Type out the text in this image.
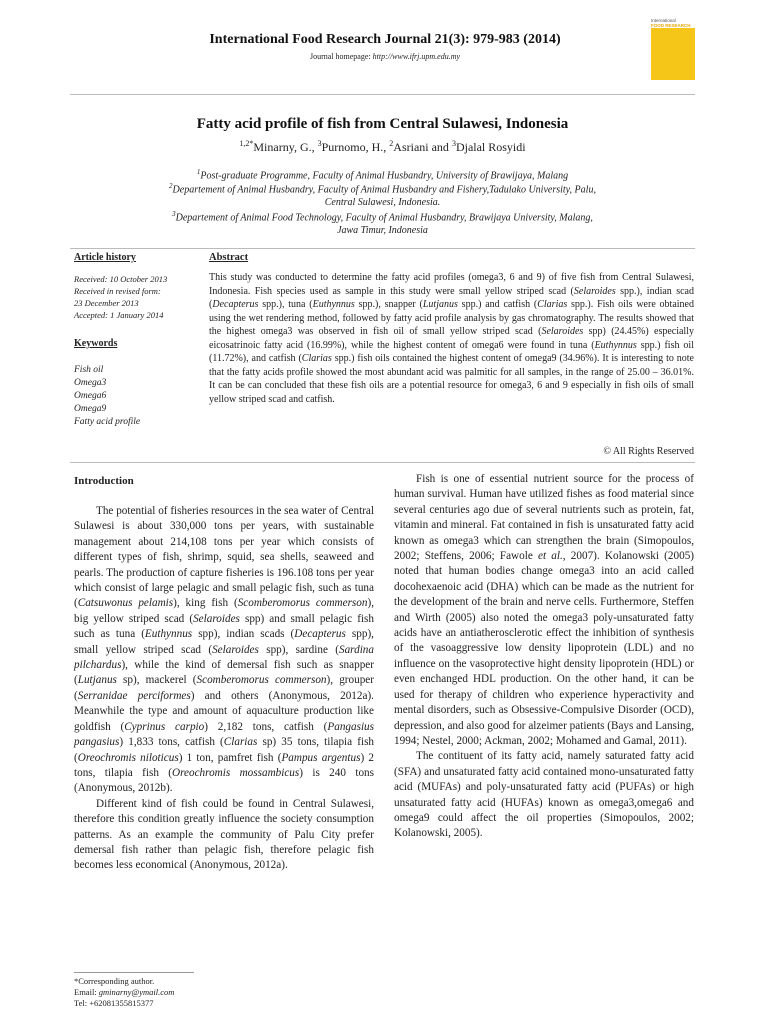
International Food Research Journal 21(3): 979-983 (2014)
Journal homepage: http://www.ifrj.upm.edu.my
International
FOOD RESEARCH

Fatty acid profile of fish from Central Sulawesi, Indonesia
$^{1,2*}$Minarny, G., $^3$Purnomo, H., $^2$Asriani and $^3$Djalal Rosyidi
$^1$Post-graduate Programme, Faculty of Animal Husbandry, University of Brawijaya, Malang
$^2$Departement of Animal Husbandry, Faculty of Animal Husbandry and Fishery,Tadulako University, Palu,
Central Sulawesi, Indonesia.
$^3$Departement of Animal Food Technology, Faculty of Animal Husbandry, Brawijaya University, Malang,
Jawa Timur, Indonesia
Article history
Received: 10 October 2013
Received in revised form:
23 December 2013
Accepted: 1 January 2014
Keywords
Fish oil
Omega3
Omega6
Omega9
Fatty acid profile
Abstract
This study was conducted to determine the fatty acid profiles (omega3, 6 and 9) of five fish from Central Sulawesi, Indonesia. Fish species used as sample in this study were small yellow striped scad (Selaroides spp.), indian scad (Decapterus spp.), tuna (Euthynnus spp.), snapper (Lutjanus spp.) and catfish (Clarias spp.). Fish oils were obtained using the wet rendering method, followed by fatty acid profile analysis by gas chromatography. The results showed that the highest omega3 was observed in fish oil of small yellow striped scad (Selaroides spp) (24.45%) especially eicosatrinoic fatty acid (16.99%), while the highest content of omega6 were found in tuna (Euthynnus spp.) fish oil (11.72%), and catfish (Clarias spp.) fish oils contained the highest content of omega9 (34.96%). It is interesting to note that the fatty acids profile showed the most abundant acid was palmitic for all samples, in the range of 25.00 – 36.01%. It can be can concluded that these fish oils are a potential resource for omega3, 6 and 9 especially in fish oils of small yellow striped scad and catfish.
© All Rights Reserved
Introduction

The potential of fisheries resources in the sea water of Central Sulawesi is about 330,000 tons per years, with sustainable management about 214,108 tons per year which consists of different types of fish, shrimp, squid, sea shells, seaweed and pearls. The production of capture fisheries is 196.108 tons per year which consist of large pelagic and small pelagic fish, such as tuna (Catsuwonus pelamis), king fish (Scomberomorus commerson), big yellow striped scad (Selaroides spp) and small pelagic fish such as tuna (Euthynnus spp), indian scads (Decapterus spp), small yellow striped scad (Selaroides spp), sardine (Sardina pilchardus), while the kind of demersal fish such as snapper (Lutjanus sp), mackerel (Scomberomorus commerson), grouper (Serranidae perciformes) and others (Anonymous, 2012a). Meanwhile the type and amount of aquaculture production like goldfish (Cyprinus carpio) 2,182 tons, catfish (Pangasius pangasius) 1,833 tons, catfish (Clarias sp) 35 tons, tilapia fish (Oreochromis niloticus) 1 ton, pamfret fish (Pampus argentus) 2 tons, tilapia fish (Oreochromis mossambicus) is 240 tons (Anonymous, 2012b).

Different kind of fish could be found in Central Sulawesi, therefore this condition greatly influence the society consumption patterns. As an example the community of Palu City prefer demersal fish rather than pelagic fish, therefore pelagic fish becomes less economical (Anonymous, 2012a).

Fish is one of essential nutrient source for the process of human survival. Human have utilized fishes as food material since several centuries ago due of several nutrients such as protein, fat, vitamin and mineral. Fat contained in fish is unsaturated fatty acid known as omega3 which can strengthen the brain (Simopoulos, 2002; Steffens, 2006; Fawole et al., 2007). Kolanowski (2005) noted that human bodies change omega3 into an acid called docohexaenoic acid (DHA) which can be made as the nutrient for the development of the brain and nerve cells. Furthermore, Steffen and Wirth (2005) also noted the omega3 poly-unsaturated fatty acids have an antiatherosclerotic effect the inhibition of synthesis of the vasoaggressive low density lipoprotein (LDL) and no influence on the vasoprotective hight density lipoprotein (HDL) or even enchanged HDL production. On the other hand, it can be used for therapy of children who experience hyperactivity and mental disorders, such as Obsessive-Compulsive Disorder (OCD), depression, and also good for alzeimer patients (Bays and Lansing, 1994; Nestel, 2000; Ackman, 2002; Mohamed and Gamal, 2011).

The contituent of its fatty acid, namely saturated fatty acid (SFA) and unsaturated fatty acid contained mono-unsaturated fatty acid (MUFAs) and poly-unsaturated fatty acid (PUFAs) or high unsaturated fatty acid (HUFAs) known as omega3,omega6 and omega9 could affect the oil properties (Simopoulos, 2002; Kolanowski, 2005).

*Corresponding author.
Email: gminarny@ymail.com
Tel: +62081355815377
